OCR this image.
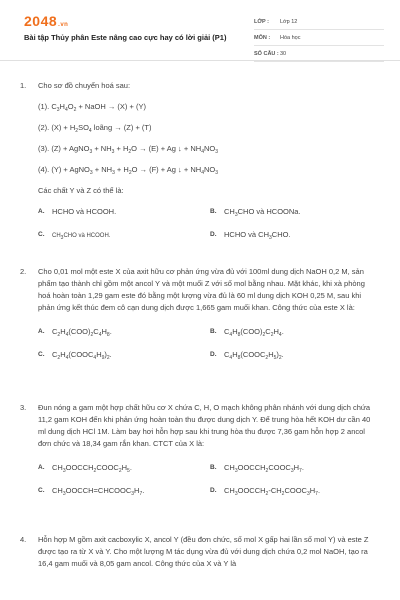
2048.vn
Bài tập Thủy phân Este nâng cao cực hay có lời giải (P1)
LỚP :	Lớp 12
MÔN :	Hóa học
SỐ CÂU : 30
1. Cho sơ đồ chuyển hoá sau:
(1). $C_3H_4O_2$ + NaOH → (X) + (Y)
(2). $(X) + H_2SO_4$ loãng → (Z) + (T)
(3). (Z) + AgNO$_3$ + $NH_3 + H_2O \to (E) + Ag$ ↓ + $NH_4NO_3$
(4). (Y) + AgNO$_3$ + $NH_3 + H_2O \to (F) + Ag$ ↓ + $NH_4NO_3$
Các chất Y và Z có thể là:
A.	HCHO và HCOOH.	B.	$CH_3CHO$ và HCOONa.
C.	$CH_3CHO$ và HCOOH.	D.	HCHO và $CH_3CHO$.
2. Cho 0,01 mol một este X của axit hữu cơ phản ứng vừa đủ với 100ml dung dịch NaOH 0,2 M, sản phẩm tạo thành chỉ gồm một ancol Y và một muối Z với số mol bằng nhau. Mặt khác, khi xà phòng hoá hoàn toàn 1,29 gam este đó bằng một lượng vừa đủ là 60 ml dung dịch KOH 0,25 M, sau khi phản ứng kết thúc đem cô cạn dung dịch được 1,665 gam muối khan. Công thức của este X là:
A.	$C_2H_4(COO)_2C_4H_8$.	B.	$C_4H_8(COO)_2C_2H_4$.
C.	$C_2H_4(COOC_4H_9)_2$.	D.	$C_4H_8(COOC_2H_5)_2$.
3. Đun nóng a gam một hợp chất hữu cơ X chứa C, H, O mạch không phân nhánh với dung dịch chứa 11,2 gam KOH đến khi phản ứng hoàn toàn thu được dung dịch Y. Để trung hòa hết KOH dư cần 40 ml dung dịch HCl 1M. Làm bay hơi hỗn hợp sau khi trung hòa thu được 7,36 gam hỗn hợp 2 ancol đơn chức và 18,34 gam rắn khan. CTCT của X là:
A.	$CH_3OOCCH_2COOC_2H_5$.	B.	$CH_3OOCCH_2COOC_3H_7$.
C.	$CH_3OOCCH=CHCOOC_3H_7$.	D.	$CH_3OOCCH_2-CH_2COOC_3H_7$.
4. Hỗn hợp M gồm axit cacboxylic X, ancol Y (đều đơn chức, số mol X gấp hai lần số mol Y) và este Z được tạo ra từ X và Y. Cho một lượng M tác dụng vừa đủ với dung dịch chứa 0,2 mol NaOH, tạo ra 16,4 gam muối và 8,05 gam ancol. Công thức của X và Y là
